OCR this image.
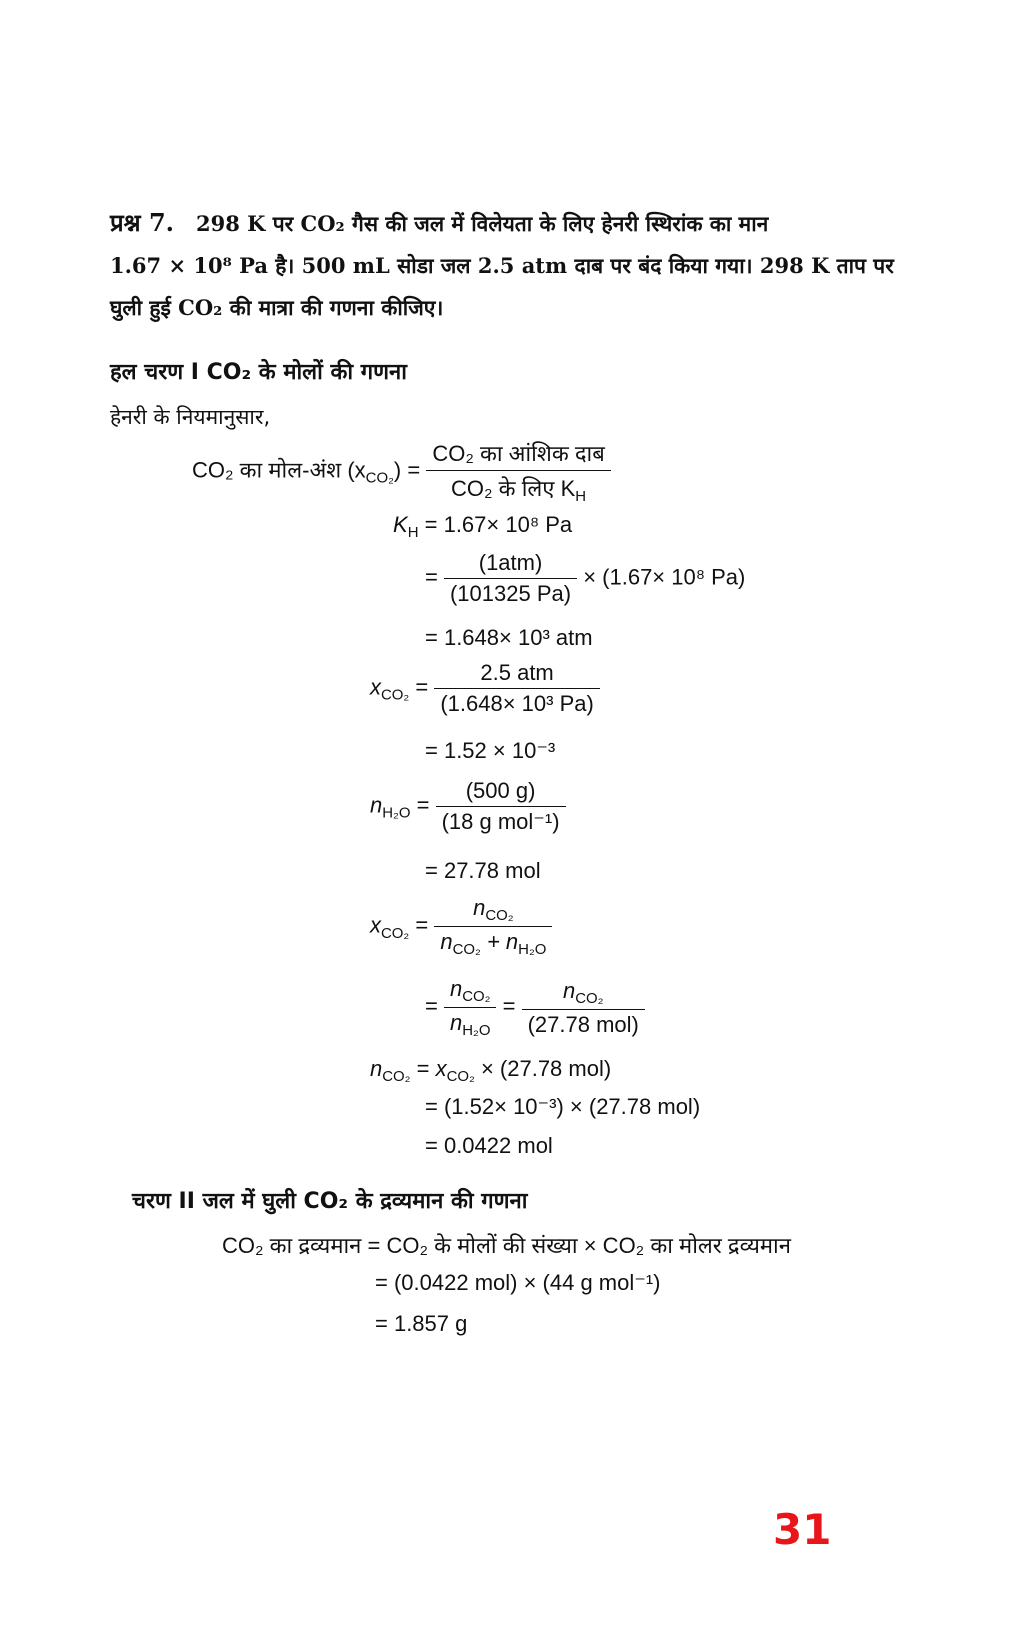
प्रश्न 7. 298 K पर CO₂ गैस की जल में विलेयता के लिए हेनरी स्थिरांक का मान
1.67 × 10⁸ Pa है। 500 mL सोडा जल 2.5 atm दाब पर बंद किया गया। 298 K ताप पर
घुली हुई CO₂ की मात्रा की गणना कीजिए।
हल चरण I CO₂ के मोलों की गणना
हेनरी के नियमानुसार,
CO₂ का मोल-अंश $(x_{CO_2}) = \frac{\text{CO₂ का आंशिक दाब}}{CO_2 के लिए K_H}$
$K_H = 1.67\times 10^8$ Pa
= $\frac{\text{(1atm)}}{(101325 Pa)} \times (1.67\times 10^8$ Pa)
= 1.648× 10³ atm
$x_{CO_2} = \frac{\text{2.5 atm}}{\text{(1.648× 10³ Pa)}}$
= 1.52 × 10⁻³
$n_{H_2O} = \frac{(500 g)}{\text{(18 g mol⁻¹)}}$
= 27.78 mol
$x_{CO_2} = \frac{n_{CO_2}}{n_{CO_2} + n_{H_2O}}$
= $\frac{n_{CO_2}}{n_{H_2O}} = \frac{n_{CO_2}}{\text{(27.78 mol)}}$
$n_{CO_2} = x_{CO_2} \times (27.78$ mol)
= (1.52× 10⁻³) × (27.78 mol)
= 0.0422 mol
चरण II जल में घुली CO₂ के द्रव्यमान की गणना
CO₂ का द्रव्यमान = CO₂ के मोलों की संख्या × CO₂ का मोलर द्रव्यमान
= (0.0422 mol) × (44 g mol⁻¹)
= 1.857 g
31
